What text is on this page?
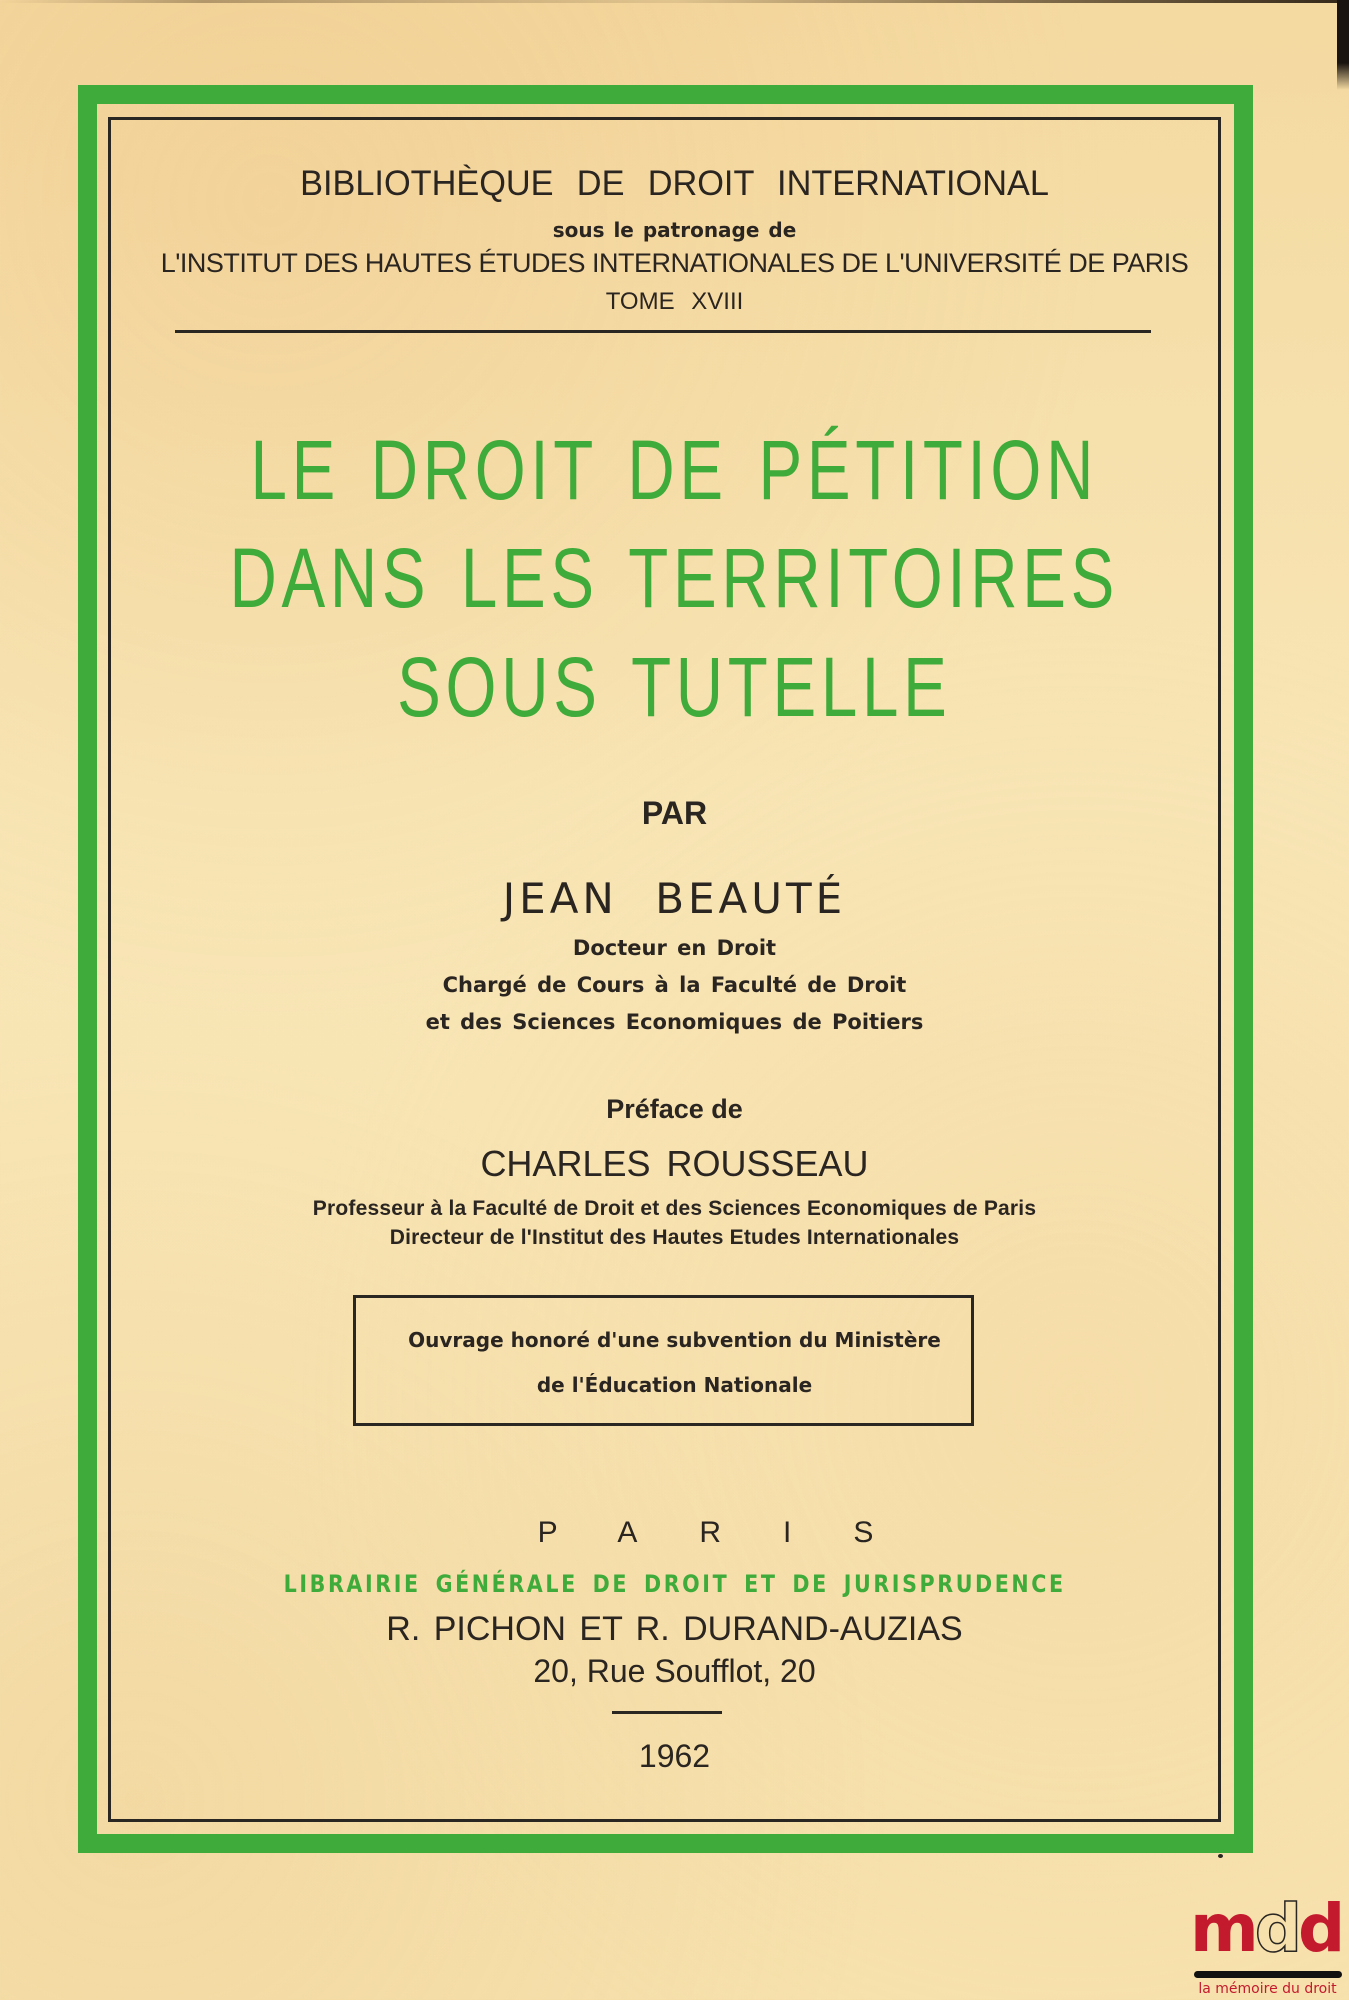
BIBLIOTHÈQUE DE DROIT INTERNATIONAL
sous le patronage de
L'INSTITUT DES HAUTES ÉTUDES INTERNATIONALES DE L'UNIVERSITÉ DE PARIS
TOME XVIII
LE DROIT DE PÉTITION
DANS LES TERRITOIRES
SOUS TUTELLE
PAR
JEAN BEAUTÉ
Docteur en Droit
Chargé de Cours à la Faculté de Droit
et des Sciences Economiques de Poitiers
Préface de
CHARLES ROUSSEAU
Professeur à la Faculté de Droit et des Sciences Economiques de Paris
Directeur de l'Institut des Hautes Etudes Internationales
Ouvrage honoré d'une subvention du Ministère
de l'Éducation Nationale
PARIS
LIBRAIRIE GÉNÉRALE DE DROIT ET DE JURISPRUDENCE
R. PICHON ET R. DURAND-AUZIAS
20, Rue Soufflot, 20
1962
mdd
la mémoire du droit
